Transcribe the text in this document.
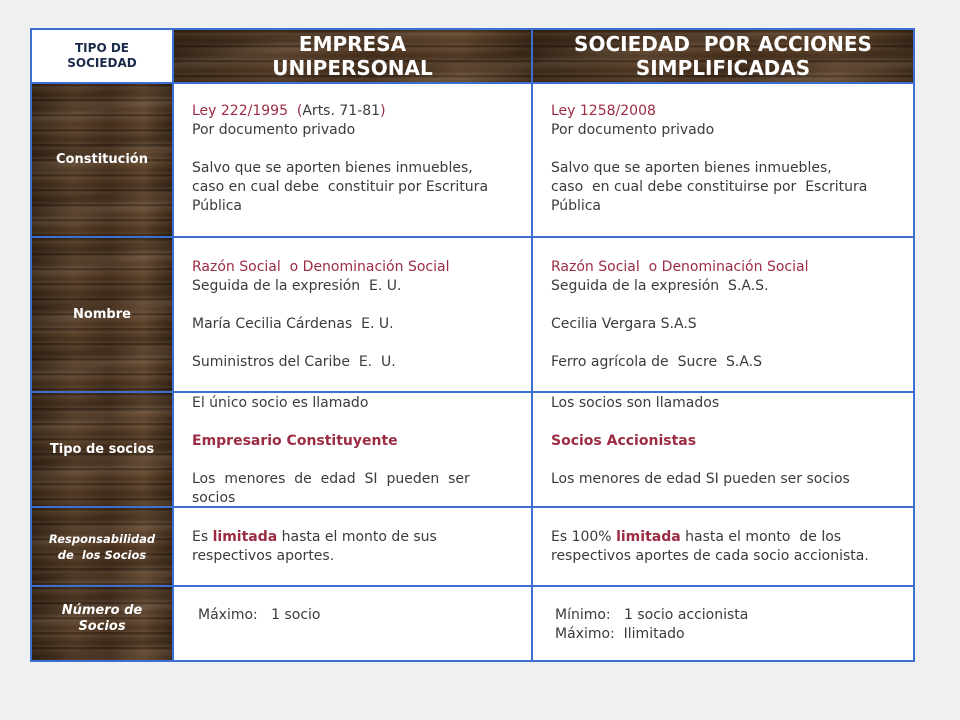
TIPO DE
SOCIEDAD
EMPRESA
UNIPERSONAL
SOCIEDAD  POR ACCIONES
SIMPLIFICADAS
Constitución

Ley 222/1995 (Arts. 71-81)

Por documento privado

Salvo que se aporten bienes inmuebles,

caso en cual debe  constituir por Escritura

Pública

Ley 1258/2008

Por documento privado

Salvo que se aporten bienes inmuebles,

caso  en cual debe constituirse por  Escritura

Pública

Nombre

Razón Social  o Denominación Social

Seguida de la expresión  E. U.

María Cecilia Cárdenas  E. U.

Suministros del Caribe  E.  U.

Razón Social  o Denominación Social

Seguida de la expresión  S.A.S.

Cecilia Vergara S.A.S

Ferro agrícola de  Sucre  S.A.S

Tipo de socios

El único socio es llamado

Empresario Constituyente

Los  menores  de  edad  SI  pueden  ser

socios

Los socios son llamados

Socios Accionistas

Los menores de edad SI pueden ser socios

Responsabilidad
de  los Socios

Es limitada hasta el monto de sus

respectivos aportes.

Es 100% limitada hasta el monto  de los

respectivos aportes de cada socio accionista.

Número de
Socios

Máximo:   1 socio	Mínimo:   1 socio accionista

Máximo:  Ilimitado
